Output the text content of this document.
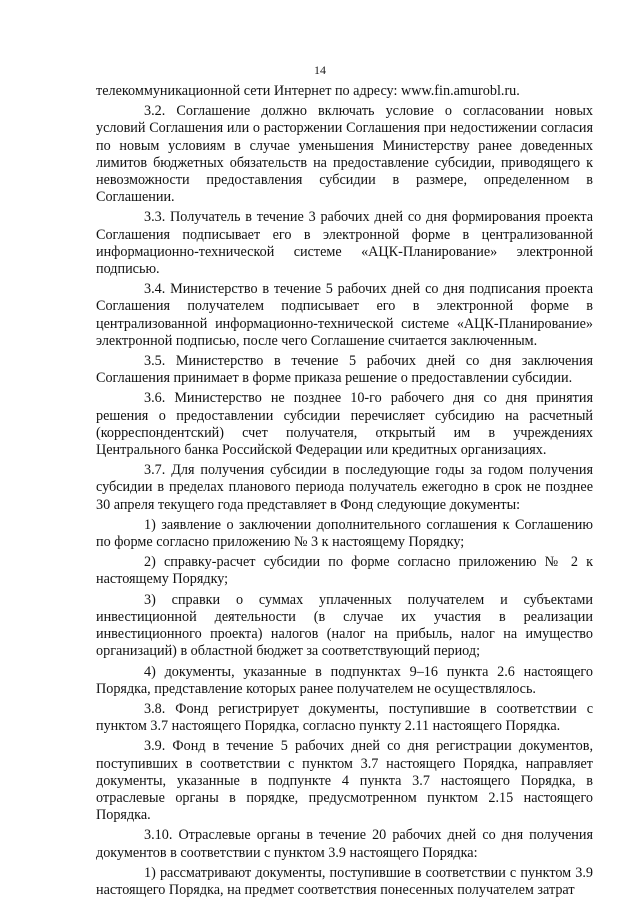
14

телекоммуникационной сети Интернет по адресу: www.fin.amurobl.ru.

3.2. Соглашение должно включать условие о согласовании новых условий Соглашения или о расторжении Соглашения при недостижении согласия по новым условиям в случае уменьшения Министерству ранее доведенных лимитов бюджетных обязательств на предоставление субсидии, приводящего к невозможности предоставления субсидии в размере, определенном в Соглашении.

3.3. Получатель в течение 3 рабочих дней со дня формирования проекта Соглашения подписывает его в электронной форме в централизованной информационно-технической системе «АЦК-Планирование» электронной подписью.

3.4. Министерство в течение 5 рабочих дней со дня подписания проекта Соглашения получателем подписывает его в электронной форме в централизованной информационно-технической системе «АЦК-Планирование» электронной подписью, после чего Соглашение считается заключенным.

3.5. Министерство в течение 5 рабочих дней со дня заключения Соглашения принимает в форме приказа решение о предоставлении субсидии.

3.6. Министерство не позднее 10-го рабочего дня со дня принятия решения о предоставлении субсидии перечисляет субсидию на расчетный (корреспондентский) счет получателя, открытый им в учреждениях Центрального банка Российской Федерации или кредитных организациях.

3.7. Для получения субсидии в последующие годы за годом получения субсидии в пределах планового периода получатель ежегодно в срок не позднее 30 апреля текущего года представляет в Фонд следующие документы:

1) заявление о заключении дополнительного соглашения к Соглашению по форме согласно приложению № 3 к настоящему Порядку;

2) справку-расчет субсидии по форме согласно приложению № 2 к настоящему Порядку;

3) справки о суммах уплаченных получателем и субъектами инвестиционной деятельности (в случае их участия в реализации инвестиционного проекта) налогов (налог на прибыль, налог на имущество организаций) в областной бюджет за соответствующий период;

4) документы, указанные в подпунктах 9–16 пункта 2.6 настоящего Порядка, представление которых ранее получателем не осуществлялось.

3.8. Фонд регистрирует документы, поступившие в соответствии с пунктом 3.7 настоящего Порядка, согласно пункту 2.11 настоящего Порядка.

3.9. Фонд в течение 5 рабочих дней со дня регистрации документов, поступивших в соответствии с пунктом 3.7 настоящего Порядка, направляет документы, указанные в подпункте 4 пункта 3.7 настоящего Порядка, в отраслевые органы в порядке, предусмотренном пунктом 2.15 настоящего Порядка.

3.10. Отраслевые органы в течение 20 рабочих дней со дня получения документов в соответствии с пунктом 3.9 настоящего Порядка:

1) рассматривают документы, поступившие в соответствии с пунктом 3.9 настоящего Порядка, на предмет соответствия понесенных получателем затрат
